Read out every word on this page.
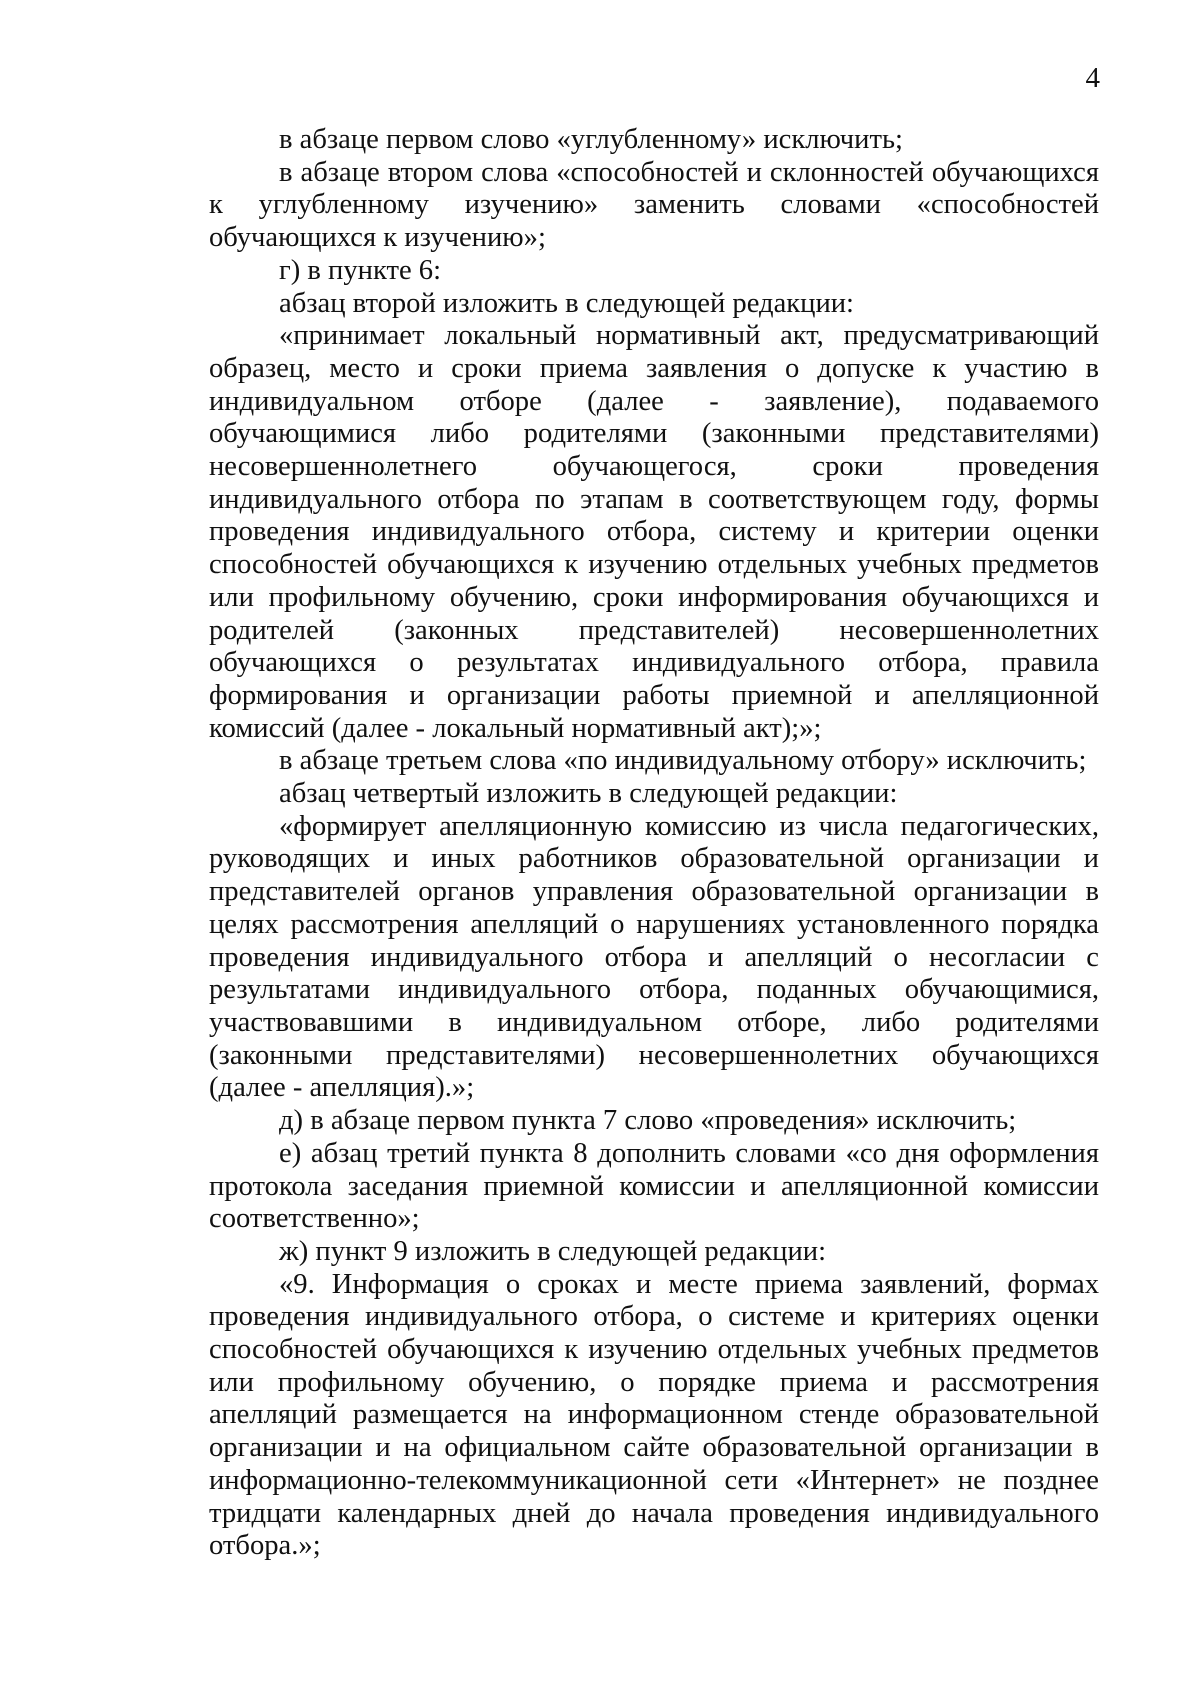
4

в абзаце первом слово «углубленному» исключить;

в абзаце втором слова «способностей и склонностей обучающихся к углубленному изучению» заменить словами «способностей обучающихся к изучению»;

г) в пункте 6:

абзац второй изложить в следующей редакции:

«принимает локальный нормативный акт, предусматривающий образец, место и сроки приема заявления о допуске к участию в индивидуальном отборе (далее - заявление), подаваемого обучающимися либо родителями (законными представителями) несовершеннолетнего обучающегося, сроки проведения индивидуального отбора по этапам в соответствующем году, формы проведения индивидуального отбора, систему и критерии оценки способностей обучающихся к изучению отдельных учебных предметов или профильному обучению, сроки информирования обучающихся и родителей (законных представителей) несовершеннолетних обучающихся о результатах индивидуального отбора, правила формирования и организации работы приемной и апелляционной комиссий (далее - локальный нормативный акт);»;

в абзаце третьем слова «по индивидуальному отбору» исключить;

абзац четвертый изложить в следующей редакции:

«формирует апелляционную комиссию из числа педагогических, руководящих и иных работников образовательной организации и представителей органов управления образовательной организации в целях рассмотрения апелляций о нарушениях установленного порядка проведения индивидуального отбора и апелляций о несогласии с результатами индивидуального отбора, поданных обучающимися, участвовавшими в индивидуальном отборе, либо родителями (законными представителями) несовершеннолетних обучающихся (далее - апелляция).»;

д) в абзаце первом пункта 7 слово «проведения» исключить;

е) абзац третий пункта 8 дополнить словами «со дня оформления протокола заседания приемной комиссии и апелляционной комиссии соответственно»;

ж) пункт 9 изложить в следующей редакции:

«9. Информация о сроках и месте приема заявлений, формах проведения индивидуального отбора, о системе и критериях оценки способностей обучающихся к изучению отдельных учебных предметов или профильному обучению, о порядке приема и рассмотрения апелляций размещается на информационном стенде образовательной организации и на официальном сайте образовательной организации в информационно-телекоммуникационной сети «Интернет» не позднее тридцати календарных дней до начала проведения индивидуального отбора.»;
